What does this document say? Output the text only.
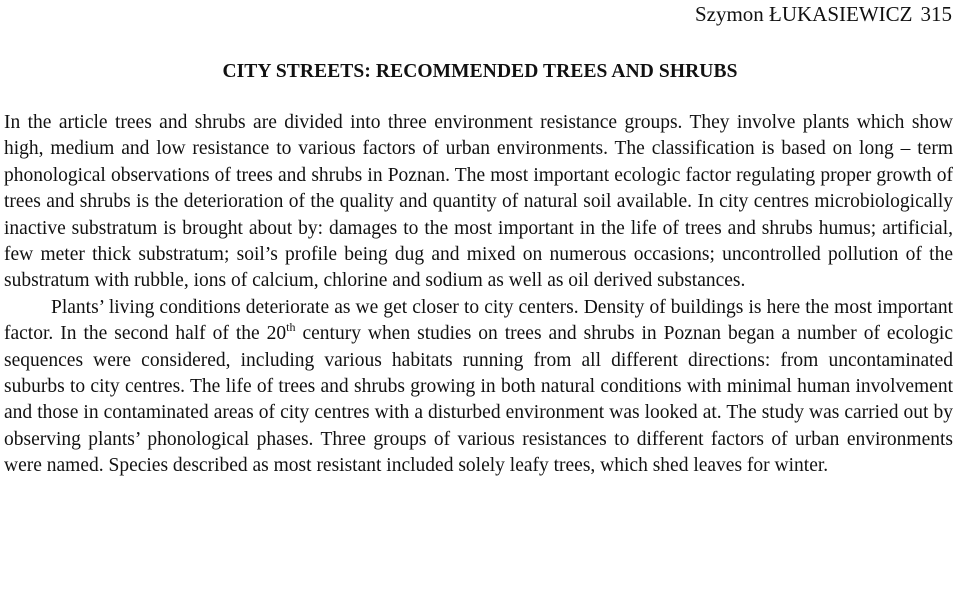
Szymon ŁUKASIEWICZ 315
CITY STREETS: RECOMMENDED TREES AND SHRUBS

In the article trees and shrubs are divided into three environment resistance groups. They involve plants which show high, medium and low resistance to various factors of urban environments. The classification is based on long – term phonological observations of trees and shrubs in Poznan. The most important ecologic factor regulating proper growth of trees and shrubs is the deterioration of the quality and quantity of natural soil available. In city centres microbiologically inactive substratum is brought about by: damages to the most important in the life of trees and shrubs humus; artificial, few meter thick substratum; soil’s profile being dug and mixed on numerous occasions; uncontrolled pollution of the substratum with rubble, ions of calcium, chlorine and sodium as well as oil derived substances.

Plants’ living conditions deteriorate as we get closer to city centers. Density of buildings is here the most important factor. In the second half of the 20th century when studies on trees and shrubs in Poznan began a number of ecologic sequences were considered, including various habitats running from all different directions: from uncontaminated suburbs to city centres. The life of trees and shrubs growing in both natural conditions with minimal human involvement and those in contaminated areas of city centres with a disturbed environment was looked at. The study was carried out by observing plants’ phonological phases. Three groups of various resistances to different factors of urban environments were named. Species described as most resistant included solely leafy trees, which shed leaves for winter.
